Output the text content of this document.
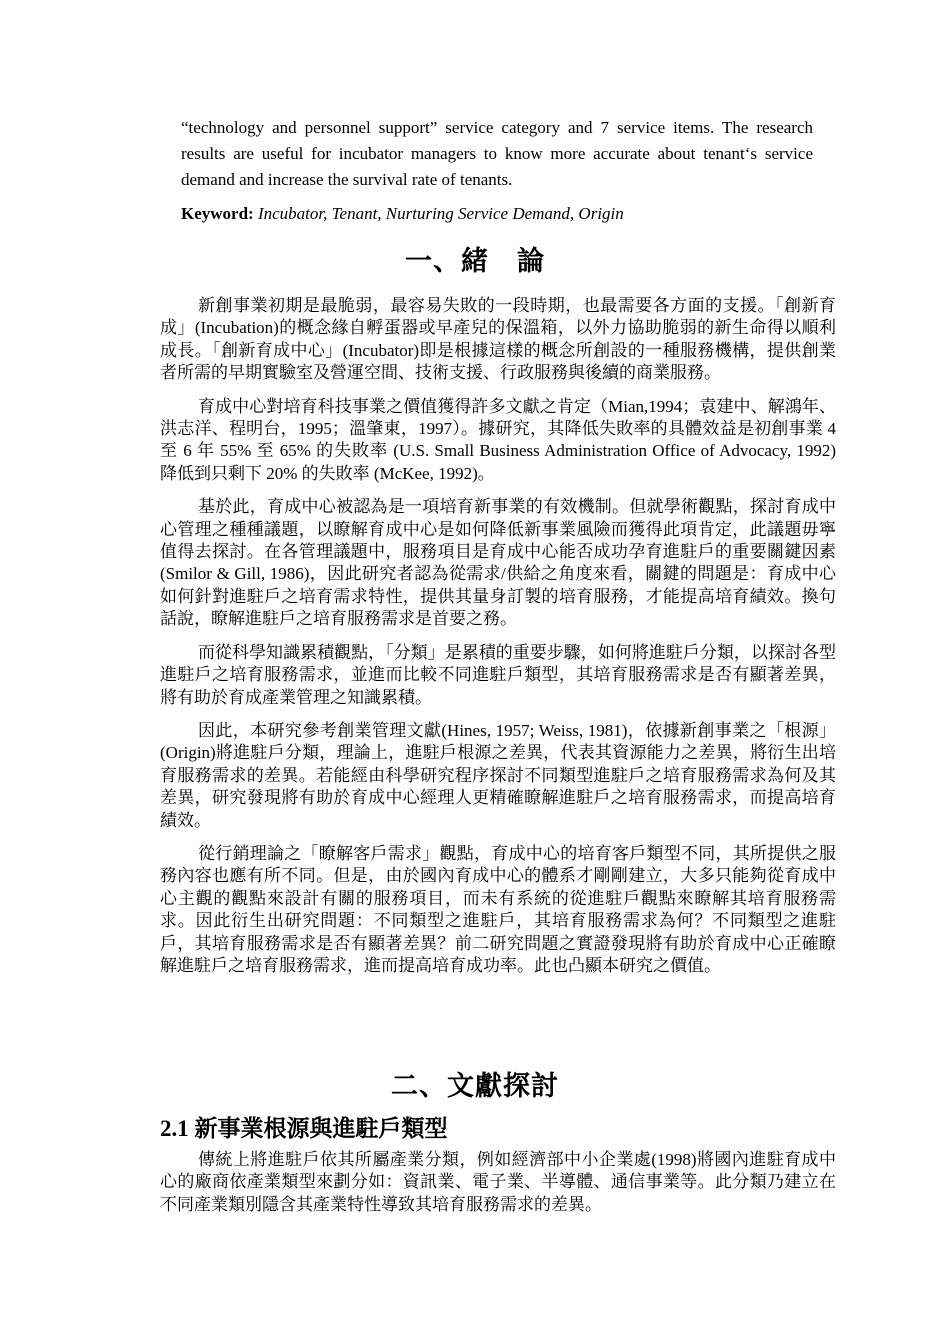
“technology and personnel support” service category and 7 service items. The research results are useful for incubator managers to know more accurate about tenant‘s service demand and increase the survival rate of tenants.
Keyword: Incubator, Tenant, Nurturing Service Demand, Origin
一、緒　論

新創事業初期是最脆弱，最容易失敗的一段時期，也最需要各方面的支援。「創新育成」(Incubation)的概念緣自孵蛋器或早產兒的保溫箱，以外力協助脆弱的新生命得以順利成長。「創新育成中心」(Incubator)即是根據這樣的概念所創設的一種服務機構，提供創業者所需的早期實驗室及營運空間、技術支援、行政服務與後續的商業服務。

育成中心對培育科技事業之價值獲得許多文獻之肯定（Mian,1994；袁建中、解鴻年、洪志洋、程明台，1995；溫肇東，1997）。據研究，其降低失敗率的具體效益是初創事業 4 至 6 年 55% 至 65% 的失敗率 (U.S. Small Business Administration Office of Advocacy, 1992) 降低到只剩下 20% 的失敗率 (McKee, 1992)。

基於此，育成中心被認為是一項培育新事業的有效機制。但就學術觀點，探討育成中心管理之種種議題，以瞭解育成中心是如何降低新事業風險而獲得此項肯定，此議題毋寧值得去探討。在各管理議題中，服務項目是育成中心能否成功孕育進駐戶的重要關鍵因素(Smilor & Gill, 1986)，因此研究者認為從需求/供給之角度來看，關鍵的問題是：育成中心如何針對進駐戶之培育需求特性，提供其量身訂製的培育服務，才能提高培育績效。換句話說，瞭解進駐戶之培育服務需求是首要之務。

而從科學知識累積觀點，「分類」是累積的重要步驟，如何將進駐戶分類，以探討各型進駐戶之培育服務需求，並進而比較不同進駐戶類型，其培育服務需求是否有顯著差異，將有助於育成產業管理之知識累積。

因此，本研究參考創業管理文獻(Hines, 1957; Weiss, 1981)，依據新創事業之「根源」(Origin)將進駐戶分類，理論上，進駐戶根源之差異，代表其資源能力之差異，將衍生出培育服務需求的差異。若能經由科學研究程序探討不同類型進駐戶之培育服務需求為何及其差異，研究發現將有助於育成中心經理人更精確瞭解進駐戶之培育服務需求，而提高培育績效。

從行銷理論之「瞭解客戶需求」觀點，育成中心的培育客戶類型不同，其所提供之服務內容也應有所不同。但是，由於國內育成中心的體系才剛剛建立，大多只能夠從育成中心主觀的觀點來設計有關的服務項目，而未有系統的從進駐戶觀點來瞭解其培育服務需求。因此衍生出研究問題：不同類型之進駐戶，其培育服務需求為何？不同類型之進駐戶，其培育服務需求是否有顯著差異？前二研究問題之實證發現將有助於育成中心正確瞭解進駐戶之培育服務需求，進而提高培育成功率。此也凸顯本研究之價值。

二、文獻探討
2.1 新事業根源與進駐戶類型

傳統上將進駐戶依其所屬產業分類，例如經濟部中小企業處(1998)將國內進駐育成中心的廠商依產業類型來劃分如：資訊業、電子業、半導體、通信事業等。此分類乃建立在不同產業類別隱含其產業特性導致其培育服務需求的差異。
